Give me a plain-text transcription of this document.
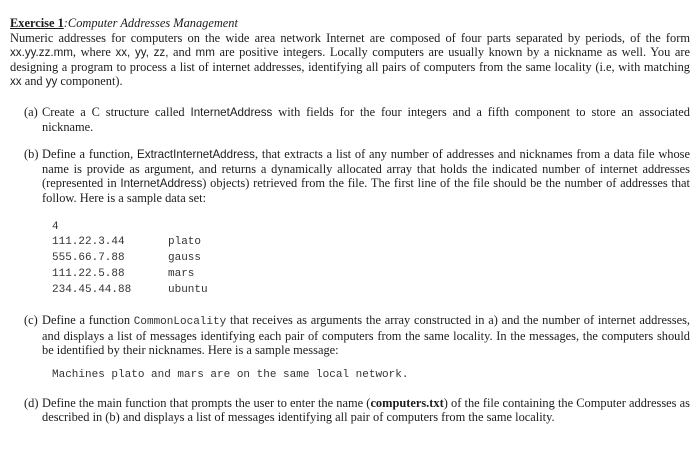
Exercise 1:Computer Addresses Management
Numeric addresses for computers on the wide area network Internet are composed of four parts separated by periods, of the form xx.yy.zz.mm, where xx, yy, zz, and mm are positive integers. Locally computers are usually known by a nickname as well. You are designing a program to process a list of internet addresses, identifying all pairs of computers from the same locality (i.e, with matching xx and yy component).
(a) Create a C structure called InternetAddress with fields for the four integers and a fifth component to store an associated nickname.
(b) Define a function, ExtractInternetAddress, that extracts a list of any number of addresses and nicknames from a data file whose name is provide as argument, and returns a dynamically allocated array that holds the indicated number of internet addresses (represented in InternetAddress) objects) retrieved from the file. The first line of the file should be the number of addresses that follow. Here is a sample data set:
4
111.22.3.44	plato
555.66.7.88	gauss
111.22.5.88	mars
234.45.44.88	ubuntu
(c) Define a function CommonLocality that receives as arguments the array constructed in a) and the number of internet addresses, and displays a list of messages identifying each pair of computers from the same locality. In the messages, the computers should be identified by their nicknames. Here is a sample message:
Machines plato and mars are on the same local network.
(d) Define the main function that prompts the user to enter the name (computers.txt) of the file containing the Computer addresses as described in (b) and displays a list of messages identifying all pair of computers from the same locality.
